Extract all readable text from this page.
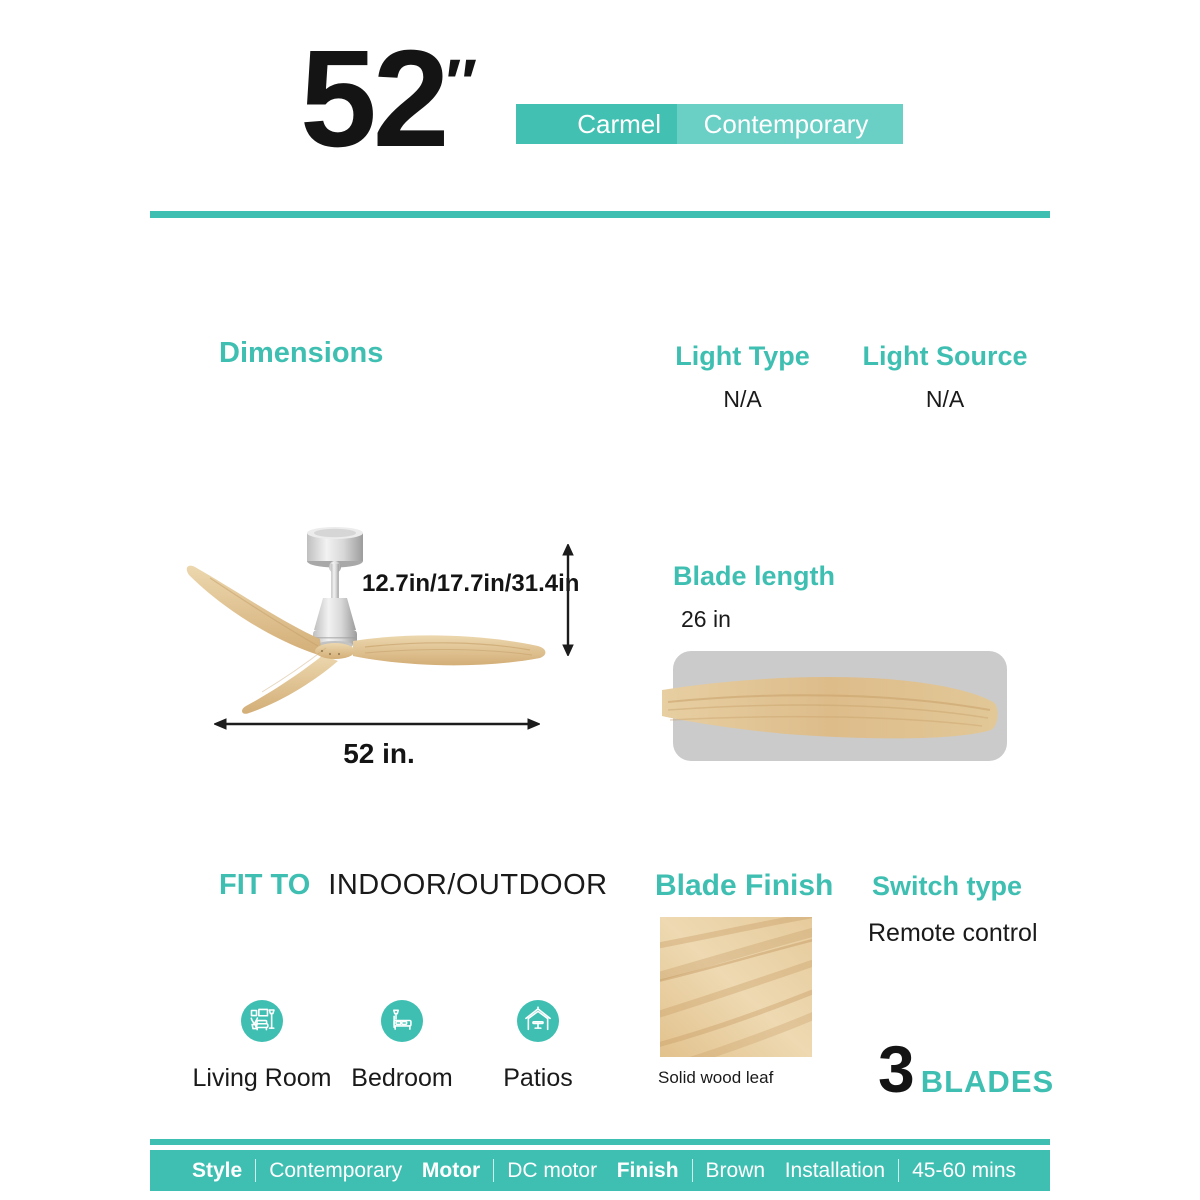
52
″
Carmel	Contemporary
Dimensions	Light Type
N/A
Light Source
N/A
12.7in/17.7in/31.4in
52 in.
Blade length
26 in
FIT TO INDOOR/OUTDOOR
Living Room Bedroom Patios
Blade Finish
Solid wood leaf
Switch type
Remote control
3 BLADES
Style Contemporary Motor DC motor Finish Brown Installation 45-60 mins
